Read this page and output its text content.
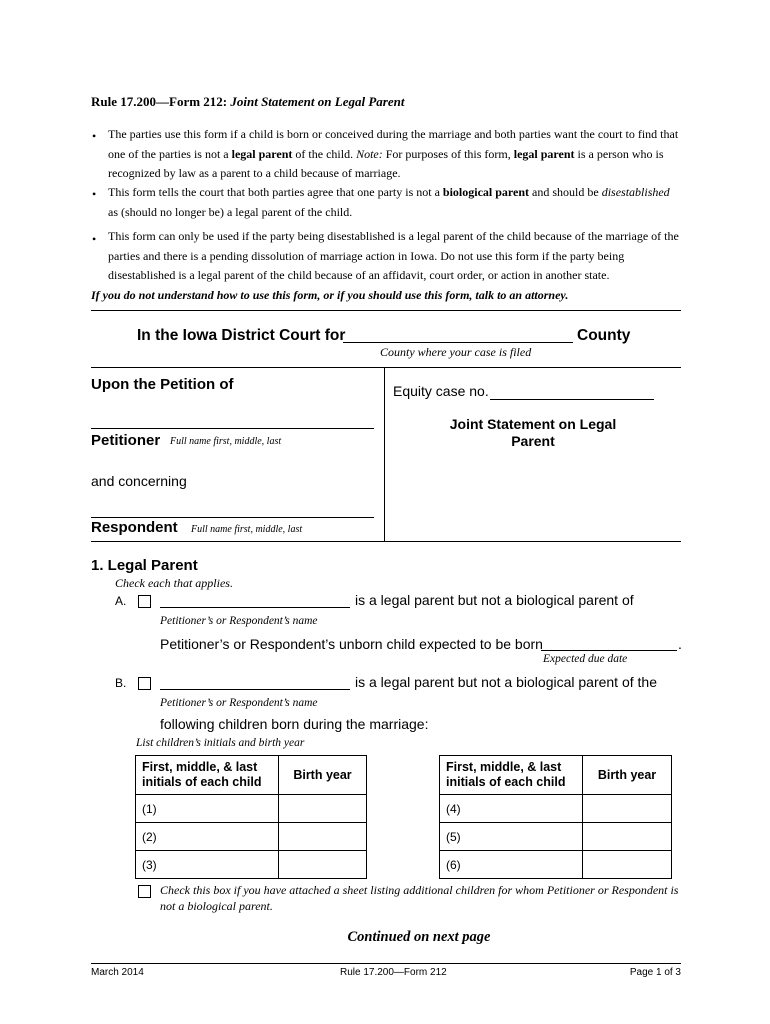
Rule 17.200—Form 212: Joint Statement on Legal Parent
• The parties use this form if a child is born or conceived during the marriage and both parties want the court to find that one of the parties is not a legal parent of the child. Note: For purposes of this form, legal parent is a person who is recognized by law as a parent to a child because of marriage.
• This form tells the court that both parties agree that one party is not a biological parent and should be disestablished as (should no longer be) a legal parent of the child.
• This form can only be used if the party being disestablished is a legal parent of the child because of the marriage of the parties and there is a pending dissolution of marriage action in Iowa. Do not use this form if the party being disestablished is a legal parent of the child because of an affidavit, court order, or action in another state.
If you do not understand how to use this form, or if you should use this form, talk to an attorney.
In the Iowa District Court for	County
County where your case is filed
Upon the Petition of
Petitioner Full name first, middle, last
and concerning
Respondent Full name first, middle, last
Equity case no.
Joint Statement on Legal
Parent
1. Legal Parent
Check each that applies.
A.	is a legal parent but not a biological parent of
Petitioner’s or Respondent’s name
Petitioner’s or Respondent’s unborn child expected to be born	.
Expected due date
B.	is a legal parent but not a biological parent of the
Petitioner’s or Respondent’s name
following children born during the marriage:
List children’s initials and birth year
First, middle, & last initials of each child	Birth year
(1)	
(2)	
(3)	
First, middle, & last initials of each child	Birth year
(4)	
(5)	
(6)	
Check this box if you have attached a sheet listing additional children for whom Petitioner or Respondent is not a biological parent.
Continued on next page
March 2014	Rule 17.200—Form 212	Page 1 of 3
